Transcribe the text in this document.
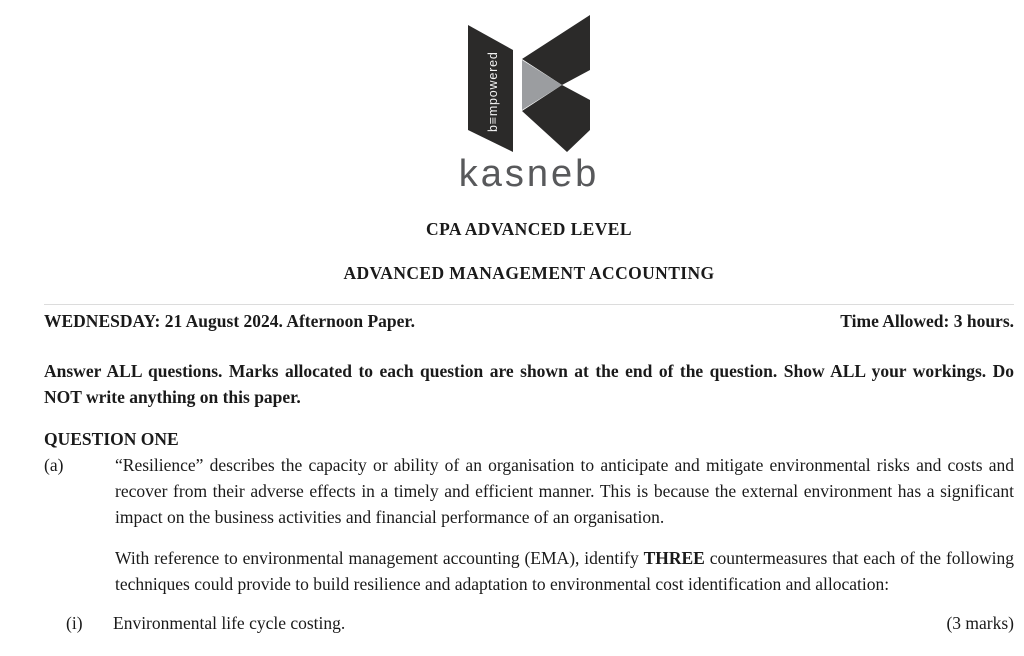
b≡mpowered
kasneb
CPA ADVANCED LEVEL
ADVANCED MANAGEMENT ACCOUNTING
WEDNESDAY: 21 August 2024. Afternoon Paper.	Time Allowed: 3 hours.
Answer ALL questions. Marks allocated to each question are shown at the end of the question. Show ALL your workings. Do NOT write anything on this paper.
QUESTION ONE
(a)	“Resilience” describes the capacity or ability of an organisation to anticipate and mitigate environmental risks and costs and recover from their adverse effects in a timely and efficient manner. This is because the external environment has a significant impact on the business activities and financial performance of an organisation.
With reference to environmental management accounting (EMA), identify THREE countermeasures that each of the following techniques could provide to build resilience and adaptation to environmental cost identification and allocation:
(i)	Environmental life cycle costing.	(3 marks)
